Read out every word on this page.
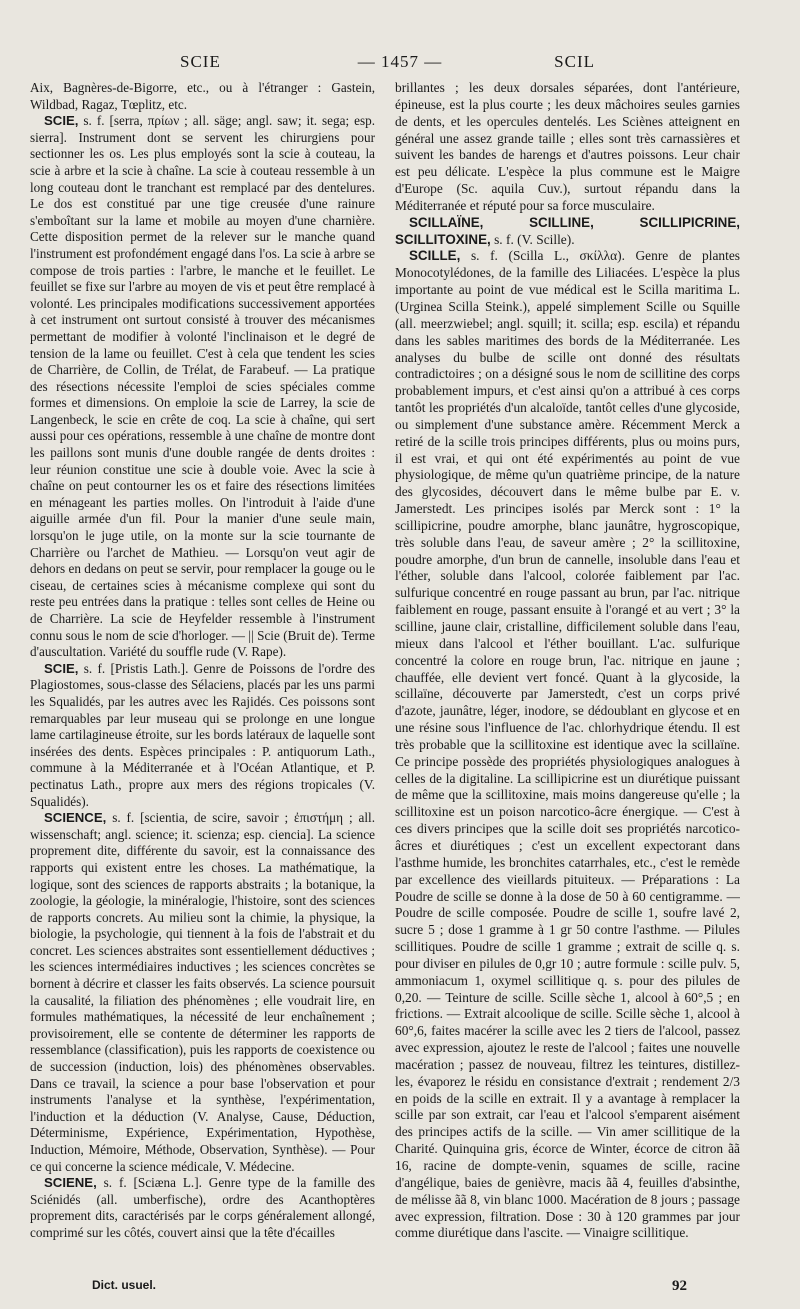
SCIE	— 1457 —	SCIL

Aix, Bagnères-de-Bigorre, etc., ou à l'étranger : Gastein, Wildbad, Ragaz, Tœplitz, etc.

SCIE, s. f. [serra, πρίων ; all. säge; angl. saw; it. sega; esp. sierra]. Instrument dont se servent les chirurgiens pour sectionner les os. Les plus employés sont la scie à couteau, la scie à arbre et la scie à chaîne. La scie à couteau ressemble à un long couteau dont le tranchant est remplacé par des dentelures. Le dos est constitué par une tige creusée d'une rainure s'emboîtant sur la lame et mobile au moyen d'une charnière. Cette disposition permet de la relever sur le manche quand l'instrument est profondément engagé dans l'os. La scie à arbre se compose de trois parties : l'arbre, le manche et le feuillet. Le feuillet se fixe sur l'arbre au moyen de vis et peut être remplacé à volonté. Les principales modifications successivement apportées à cet instrument ont surtout consisté à trouver des mécanismes permettant de modifier à volonté l'inclinaison et le degré de tension de la lame ou feuillet. C'est à cela que tendent les scies de Charrière, de Collin, de Trélat, de Farabeuf. — La pratique des résections nécessite l'emploi de scies spéciales comme formes et dimensions. On emploie la scie de Larrey, la scie de Langenbeck, le scie en crête de coq. La scie à chaîne, qui sert aussi pour ces opérations, ressemble à une chaîne de montre dont les paillons sont munis d'une double rangée de dents droites : leur réunion constitue une scie à double voie. Avec la scie à chaîne on peut contourner les os et faire des résections limitées en ménageant les parties molles. On l'introduit à l'aide d'une aiguille armée d'un fil. Pour la manier d'une seule main, lorsqu'on le juge utile, on la monte sur la scie tournante de Charrière ou l'archet de Mathieu. — Lorsqu'on veut agir de dehors en dedans on peut se servir, pour remplacer la gouge ou le ciseau, de certaines scies à mécanisme complexe qui sont du reste peu entrées dans la pratique : telles sont celles de Heine ou de Charrière. La scie de Heyfelder ressemble à l'instrument connu sous le nom de scie d'horloger. — || Scie (Bruit de). Terme d'auscultation. Variété du souffle rude (V. Rape).

SCIE, s. f. [Pristis Lath.]. Genre de Poissons de l'ordre des Plagiostomes, sous-classe des Sélaciens, placés par les uns parmi les Squalidés, par les autres avec les Rajidés. Ces poissons sont remarquables par leur museau qui se prolonge en une longue lame cartilagineuse étroite, sur les bords latéraux de laquelle sont insérées des dents. Espèces principales : P. antiquorum Lath., commune à la Méditerranée et à l'Océan Atlantique, et P. pectinatus Lath., propre aux mers des régions tropicales (V. Squalidés).

SCIENCE, s. f. [scientia, de scire, savoir ; ἐπιστήμη ; all. wissenschaft; angl. science; it. scienza; esp. ciencia]. La science proprement dite, différente du savoir, est la connaissance des rapports qui existent entre les choses. La mathématique, la logique, sont des sciences de rapports abstraits ; la botanique, la zoologie, la géologie, la minéralogie, l'histoire, sont des sciences de rapports concrets. Au milieu sont la chimie, la physique, la biologie, la psychologie, qui tiennent à la fois de l'abstrait et du concret. Les sciences abstraites sont essentiellement déductives ; les sciences intermédiaires inductives ; les sciences concrètes se bornent à décrire et classer les faits observés. La science poursuit la causalité, la filiation des phénomènes ; elle voudrait lire, en formules mathématiques, la nécessité de leur enchaînement ; provisoirement, elle se contente de déterminer les rapports de ressemblance (classification), puis les rapports de coexistence ou de succession (induction, lois) des phénomènes observables. Dans ce travail, la science a pour base l'observation et pour instruments l'analyse et la synthèse, l'expérimentation, l'induction et la déduction (V. Analyse, Cause, Déduction, Déterminisme, Expérience, Expérimentation, Hypothèse, Induction, Mémoire, Méthode, Observation, Synthèse). — Pour ce qui concerne la science médicale, V. Médecine.

SCIENE, s. f. [Sciæna L.]. Genre type de la famille des Sciénidés (all. umberfische), ordre des Acanthoptères proprement dits, caractérisés par le corps généralement allongé, comprimé sur les côtés, couvert ainsi que la tête d'écailles

brillantes ; les deux dorsales séparées, dont l'antérieure, épineuse, est la plus courte ; les deux mâchoires seules garnies de dents, et les opercules dentelés. Les Sciènes atteignent en général une assez grande taille ; elles sont très carnassières et suivent les bandes de harengs et d'autres poissons. Leur chair est peu délicate. L'espèce la plus commune est le Maigre d'Europe (Sc. aquila Cuv.), surtout répandu dans la Méditerranée et réputé pour sa force musculaire.

SCILLAÏNE, SCILLINE, SCILLIPICRINE, SCILLITOXINE, s. f. (V. Scille).

SCILLE, s. f. (Scilla L., σκίλλα). Genre de plantes Monocotylédones, de la famille des Liliacées. L'espèce la plus importante au point de vue médical est le Scilla maritima L. (Urginea Scilla Steink.), appelé simplement Scille ou Squille (all. meerzwiebel; angl. squill; it. scilla; esp. escila) et répandu dans les sables maritimes des bords de la Méditerranée. Les analyses du bulbe de scille ont donné des résultats contradictoires ; on a désigné sous le nom de scillitine des corps probablement impurs, et c'est ainsi qu'on a attribué à ces corps tantôt les propriétés d'un alcaloïde, tantôt celles d'une glycoside, ou simplement d'une substance amère. Récemment Merck a retiré de la scille trois principes différents, plus ou moins purs, il est vrai, et qui ont été expérimentés au point de vue physiologique, de même qu'un quatrième principe, de la nature des glycosides, découvert dans le même bulbe par E. v. Jamerstedt. Les principes isolés par Merck sont : 1° la scillipicrine, poudre amorphe, blanc jaunâtre, hygroscopique, très soluble dans l'eau, de saveur amère ; 2° la scillitoxine, poudre amorphe, d'un brun de cannelle, insoluble dans l'eau et l'éther, soluble dans l'alcool, colorée faiblement par l'ac. sulfurique concentré en rouge passant au brun, par l'ac. nitrique faiblement en rouge, passant ensuite à l'orangé et au vert ; 3° la scilline, jaune clair, cristalline, difficilement soluble dans l'eau, mieux dans l'alcool et l'éther bouillant. L'ac. sulfurique concentré la colore en rouge brun, l'ac. nitrique en jaune ; chauffée, elle devient vert foncé. Quant à la glycoside, la scillaïne, découverte par Jamerstedt, c'est un corps privé d'azote, jaunâtre, léger, inodore, se dédoublant en glycose et en une résine sous l'influence de l'ac. chlorhydrique étendu. Il est très probable que la scillitoxine est identique avec la scillaïne. Ce principe possède des propriétés physiologiques analogues à celles de la digitaline. La scillipicrine est un diurétique puissant de même que la scillitoxine, mais moins dangereuse qu'elle ; la scillitoxine est un poison narcotico-âcre énergique. — C'est à ces divers principes que la scille doit ses propriétés narcotico-âcres et diurétiques ; c'est un excellent expectorant dans l'asthme humide, les bronchites catarrhales, etc., c'est le remède par excellence des vieillards pituiteux. — Préparations : La Poudre de scille se donne à la dose de 50 à 60 centigramme. — Poudre de scille composée. Poudre de scille 1, soufre lavé 2, sucre 5 ; dose 1 gramme à 1 gr 50 contre l'asthme. — Pilules scillitiques. Poudre de scille 1 gramme ; extrait de scille q. s. pour diviser en pilules de 0,gr 10 ; autre formule : scille pulv. 5, ammoniacum 1, oxymel scillitique q. s. pour des pilules de 0,20. — Teinture de scille. Scille sèche 1, alcool à 60°,5 ; en frictions. — Extrait alcoolique de scille. Scille sèche 1, alcool à 60°,6, faites macérer la scille avec les 2 tiers de l'alcool, passez avec expression, ajoutez le reste de l'alcool ; faites une nouvelle macération ; passez de nouveau, filtrez les teintures, distillez-les, évaporez le résidu en consistance d'extrait ; rendement 2/3 en poids de la scille en extrait. Il y a avantage à remplacer la scille par son extrait, car l'eau et l'alcool s'emparent aisément des principes actifs de la scille. — Vin amer scillitique de la Charité. Quinquina gris, écorce de Winter, écorce de citron ãã 16, racine de dompte-venin, squames de scille, racine d'angélique, baies de genièvre, macis ãã 4, feuilles d'absinthe, de mélisse ãã 8, vin blanc 1000. Macération de 8 jours ; passage avec expression, filtration. Dose : 30 à 120 grammes par jour comme diurétique dans l'ascite. — Vinaigre scillitique.

Dict. usuel.	92
